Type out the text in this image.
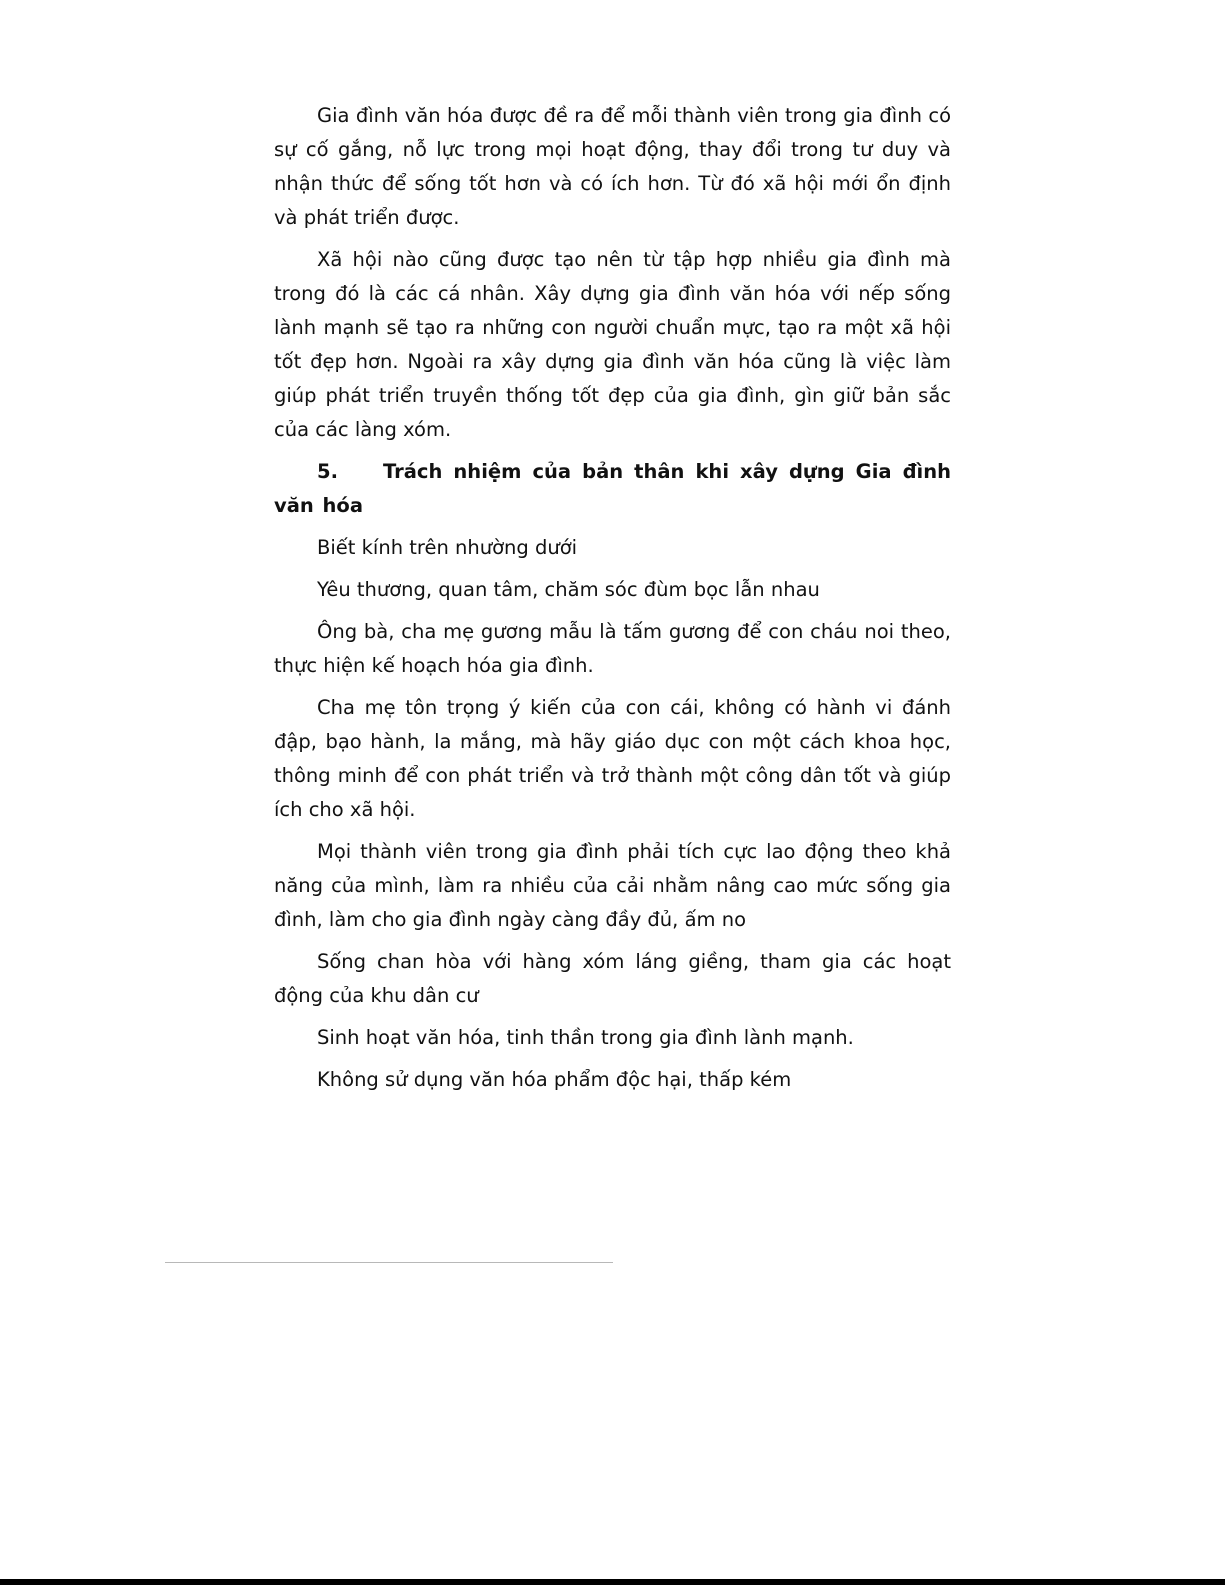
Gia đình văn hóa được đề ra để mỗi thành viên trong gia đình có sự cố gắng, nỗ lực trong mọi hoạt động, thay đổi trong tư duy và nhận thức để sống tốt hơn và có ích hơn. Từ đó xã hội mới ổn định và phát triển được.

Xã hội nào cũng được tạo nên từ tập hợp nhiều gia đình mà trong đó là các cá nhân. Xây dựng gia đình văn hóa với nếp sống lành mạnh sẽ tạo ra những con người chuẩn mực, tạo ra một xã hội tốt đẹp hơn. Ngoài ra xây dựng gia đình văn hóa cũng là việc làm giúp phát triển truyền thống tốt đẹp của gia đình, gìn giữ bản sắc của các làng xóm.

5. Trách nhiệm của bản thân khi xây dựng Gia đình văn hóa

Biết kính trên nhường dưới

Yêu thương, quan tâm, chăm sóc đùm bọc lẫn nhau

Ông bà, cha mẹ gương mẫu là tấm gương để con cháu noi theo, thực hiện kế hoạch hóa gia đình.

Cha mẹ tôn trọng ý kiến của con cái, không có hành vi đánh đập, bạo hành, la mắng, mà hãy giáo dục con một cách khoa học, thông minh để con phát triển và trở thành một công dân tốt và giúp ích cho xã hội.

Mọi thành viên trong gia đình phải tích cực lao động theo khả năng của mình, làm ra nhiều của cải nhằm nâng cao mức sống gia đình, làm cho gia đình ngày càng đầy đủ, ấm no

Sống chan hòa với hàng xóm láng giềng, tham gia các hoạt động của khu dân cư

Sinh hoạt văn hóa, tinh thần trong gia đình lành mạnh.

Không sử dụng văn hóa phẩm độc hại, thấp kém
